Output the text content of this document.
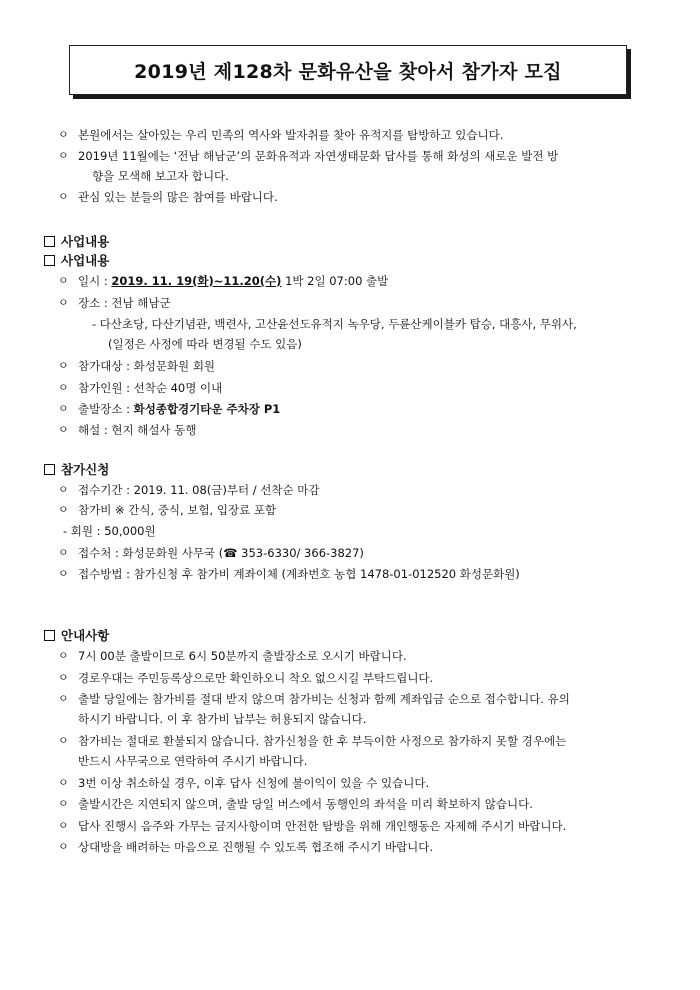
2019년 제128차 문화유산을 찾아서 참가자 모집
ㅇ 본원에서는 살아있는 우리 민족의 역사와 발자취를 찾아 유적지를 탐방하고 있습니다.
ㅇ 2019년 11월에는 ‘전남 해남군’의 문화유적과 자연생태문화 답사를 통해 화성의 새로운 발전 방
향을 모색해 보고자 합니다.
ㅇ 관심 있는 분들의 많은 참여를 바랍니다.
사업내용
사업내용
ㅇ 일시 : 2019. 11. 19(화)~11.20(수) 1박 2일 07:00 출발
ㅇ 장소 : 전남 해남군
- 다산초당, 다산기념관, 백련사, 고산윤선도유적지 녹우당, 두륜산케이블카 탑승, 대흥사, 무위사,
(일정은 사정에 따라 변경될 수도 있음)
ㅇ 참가대상 : 화성문화원 회원
ㅇ 참가인원 : 선착순 40명 이내
ㅇ 출발장소 : 화성종합경기타운 주차장 P1
ㅇ 해설 : 현지 해설사 동행
참가신청
ㅇ 접수기간 : 2019. 11. 08(금)부터 / 선착순 마감
ㅇ 참가비 ※ 간식, 중식, 보험, 입장료 포함
- 회원 : 50,000원
ㅇ 접수처 : 화성문화원 사무국 (☎ 353-6330/ 366-3827)
ㅇ 접수방법 : 참가신청 후 참가비 계좌이체 (계좌번호 농협 1478-01-012520 화성문화원)
안내사항
ㅇ 7시 00분 출발이므로 6시 50분까지 출발장소로 오시기 바랍니다.
ㅇ 경로우대는 주민등록상으로만 확인하오니 착오 없으시길 부탁드립니다.
ㅇ 출발 당일에는 참가비를 절대 받지 않으며 참가비는 신청과 함께 계좌입금 순으로 접수합니다. 유의
하시기 바랍니다. 이 후 참가비 납부는 허용되지 않습니다.
ㅇ 참가비는 절대로 환불되지 않습니다. 참가신청을 한 후 부득이한 사정으로 참가하지 못할 경우에는
반드시 사무국으로 연락하여 주시기 바랍니다.
ㅇ 3번 이상 취소하실 경우, 이후 답사 신청에 불이익이 있을 수 있습니다.
ㅇ 출발시간은 지연되지 않으며, 출발 당일 버스에서 동행인의 좌석을 미리 확보하지 않습니다.
ㅇ 답사 진행시 음주와 가무는 금지사항이며 안전한 탐방을 위해 개인행동은 자제해 주시기 바랍니다.
ㅇ 상대방을 배려하는 마음으로 진행될 수 있도록 협조해 주시기 바랍니다.
